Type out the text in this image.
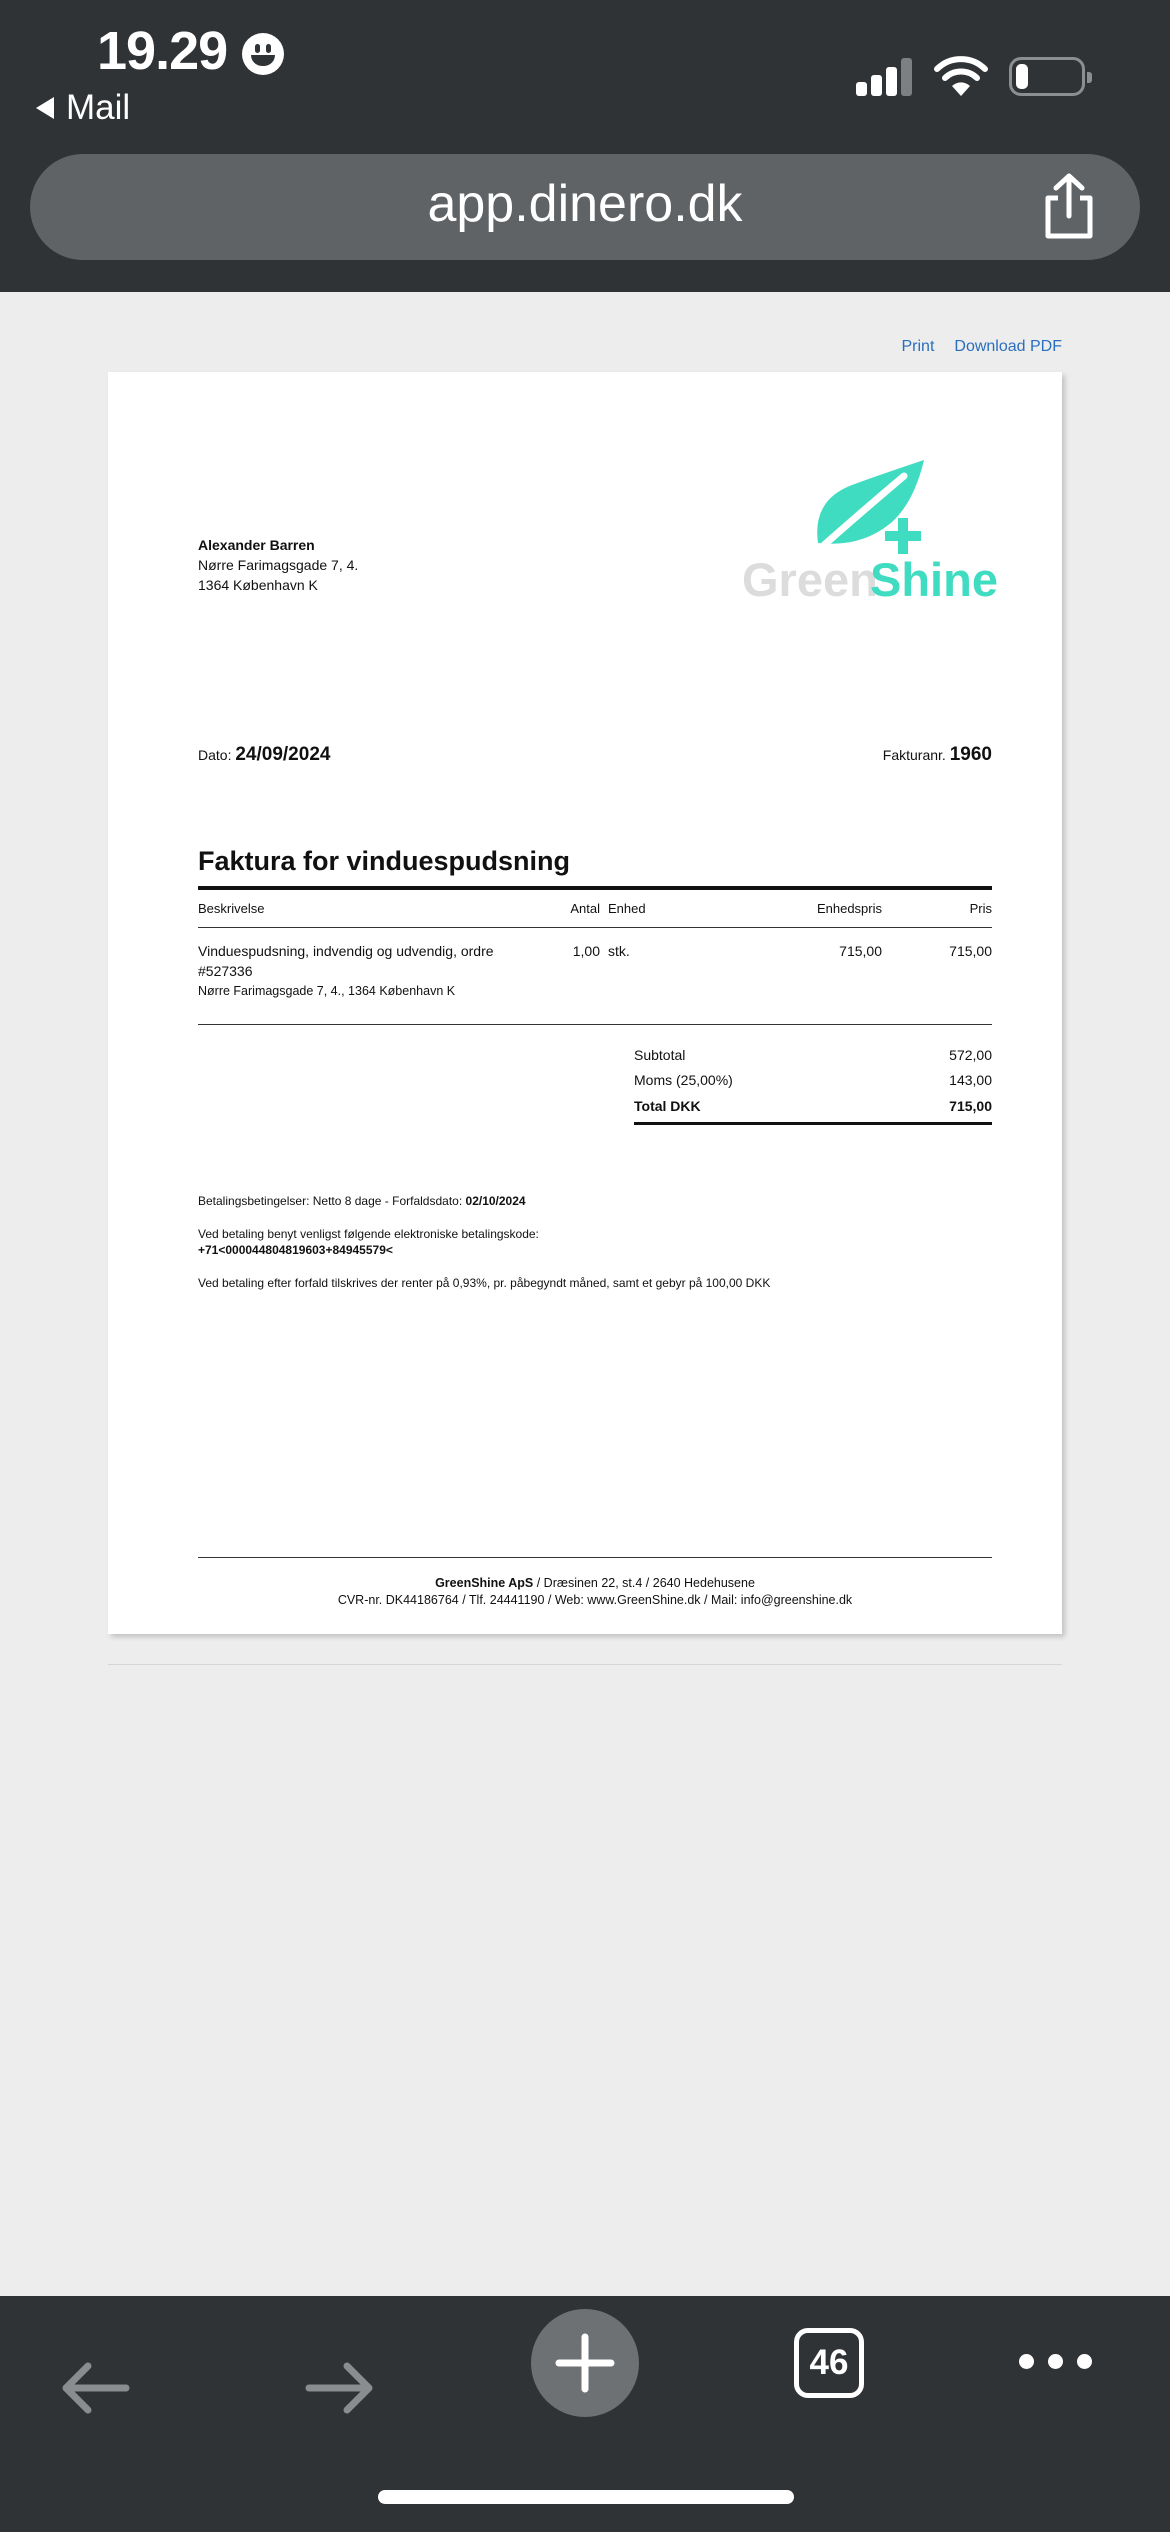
19.29
Mail
app.dinero.dk
Print Download PDF
Alexander Barren
Nørre Farimagsgade 7, 4.
1364 København K	Green
Shine
Dato: 24/09/2024	Fakturanr. 1960
Faktura for vinduespudsning
Beskrivelse	Antal Enhed	Enhedspris	Pris
Vinduespudsning, indvendig og udvendig, ordre
#527336
Nørre Farimagsgade 7, 4., 1364 København K
1,00 stk.	715,00	715,00
Subtotal	572,00
Moms (25,00%)	143,00
Total DKK	715,00
Betalingsbetingelser: Netto 8 dage - Forfaldsdato: 02/10/2024
Ved betaling benyt venligst følgende elektroniske betalingskode:
+71<000044804819603+84945579<
Ved betaling efter forfald tilskrives der renter på 0,93%, pr. påbegyndt måned, samt et gebyr på 100,00 DKK
GreenShine ApS / Dræsinen 22, st.4 / 2640 Hedehusene
CVR-nr. DK44186764 / Tlf. 24441190 / Web: www.GreenShine.dk / Mail: info@greenshine.dk
46
